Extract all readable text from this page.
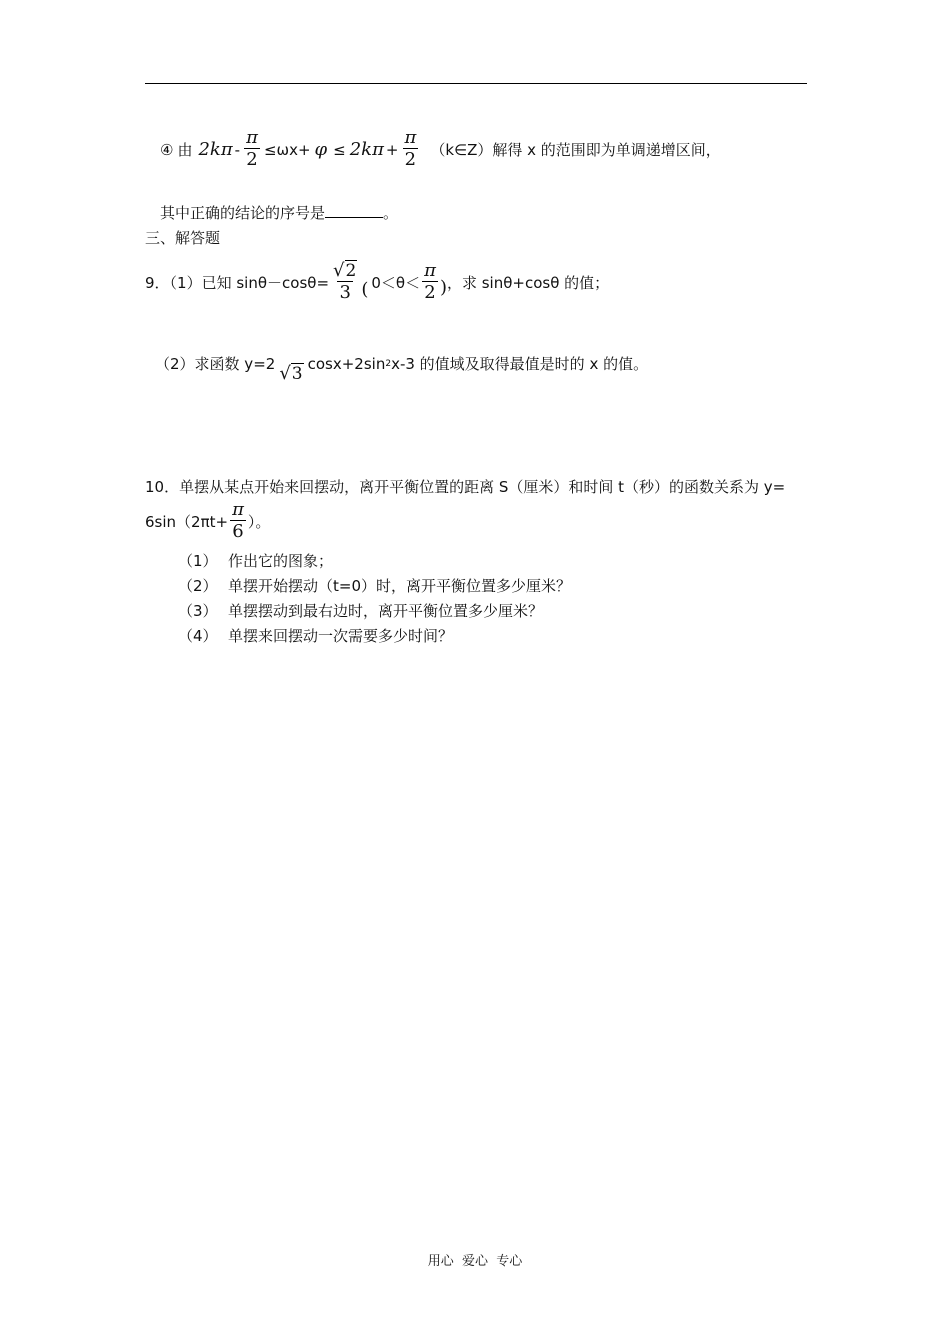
④ 由 $2k\pi - \frac{\pi}{2} \le\omega x+ \varphi \le 2k\pi + \frac{\pi}{2}$ （k∈Z）解得 x 的范围即为单调递增区间，
其中正确的结论的序号是	。
三、解答题
9．（1）已知 $\sin\theta-\cos\theta= \frac{√ 2}{3}$ ( $0<\theta< \frac{\pi}{2}$ ) ，求 sinθ+cosθ 的值；
（2）求函数 y=2 √ 3
cosx+2sin 2 x-3 的值域及取得最值是时的 x 的值。
10．单摆从某点开始来回摆动，离开平衡位置的距离 S（厘米）和时间 t（秒）的函数关系为 y=
$6\sin(2\pi t+ \frac{\pi}{6}$ ）。
（1） 作出它的图象；
（2） 单摆开始摆动（t=0）时，离开平衡位置多少厘米？
（3） 单摆摆动到最右边时，离开平衡位置多少厘米？
（4） 单摆来回摆动一次需要多少时间？
用心  爱心  专心
